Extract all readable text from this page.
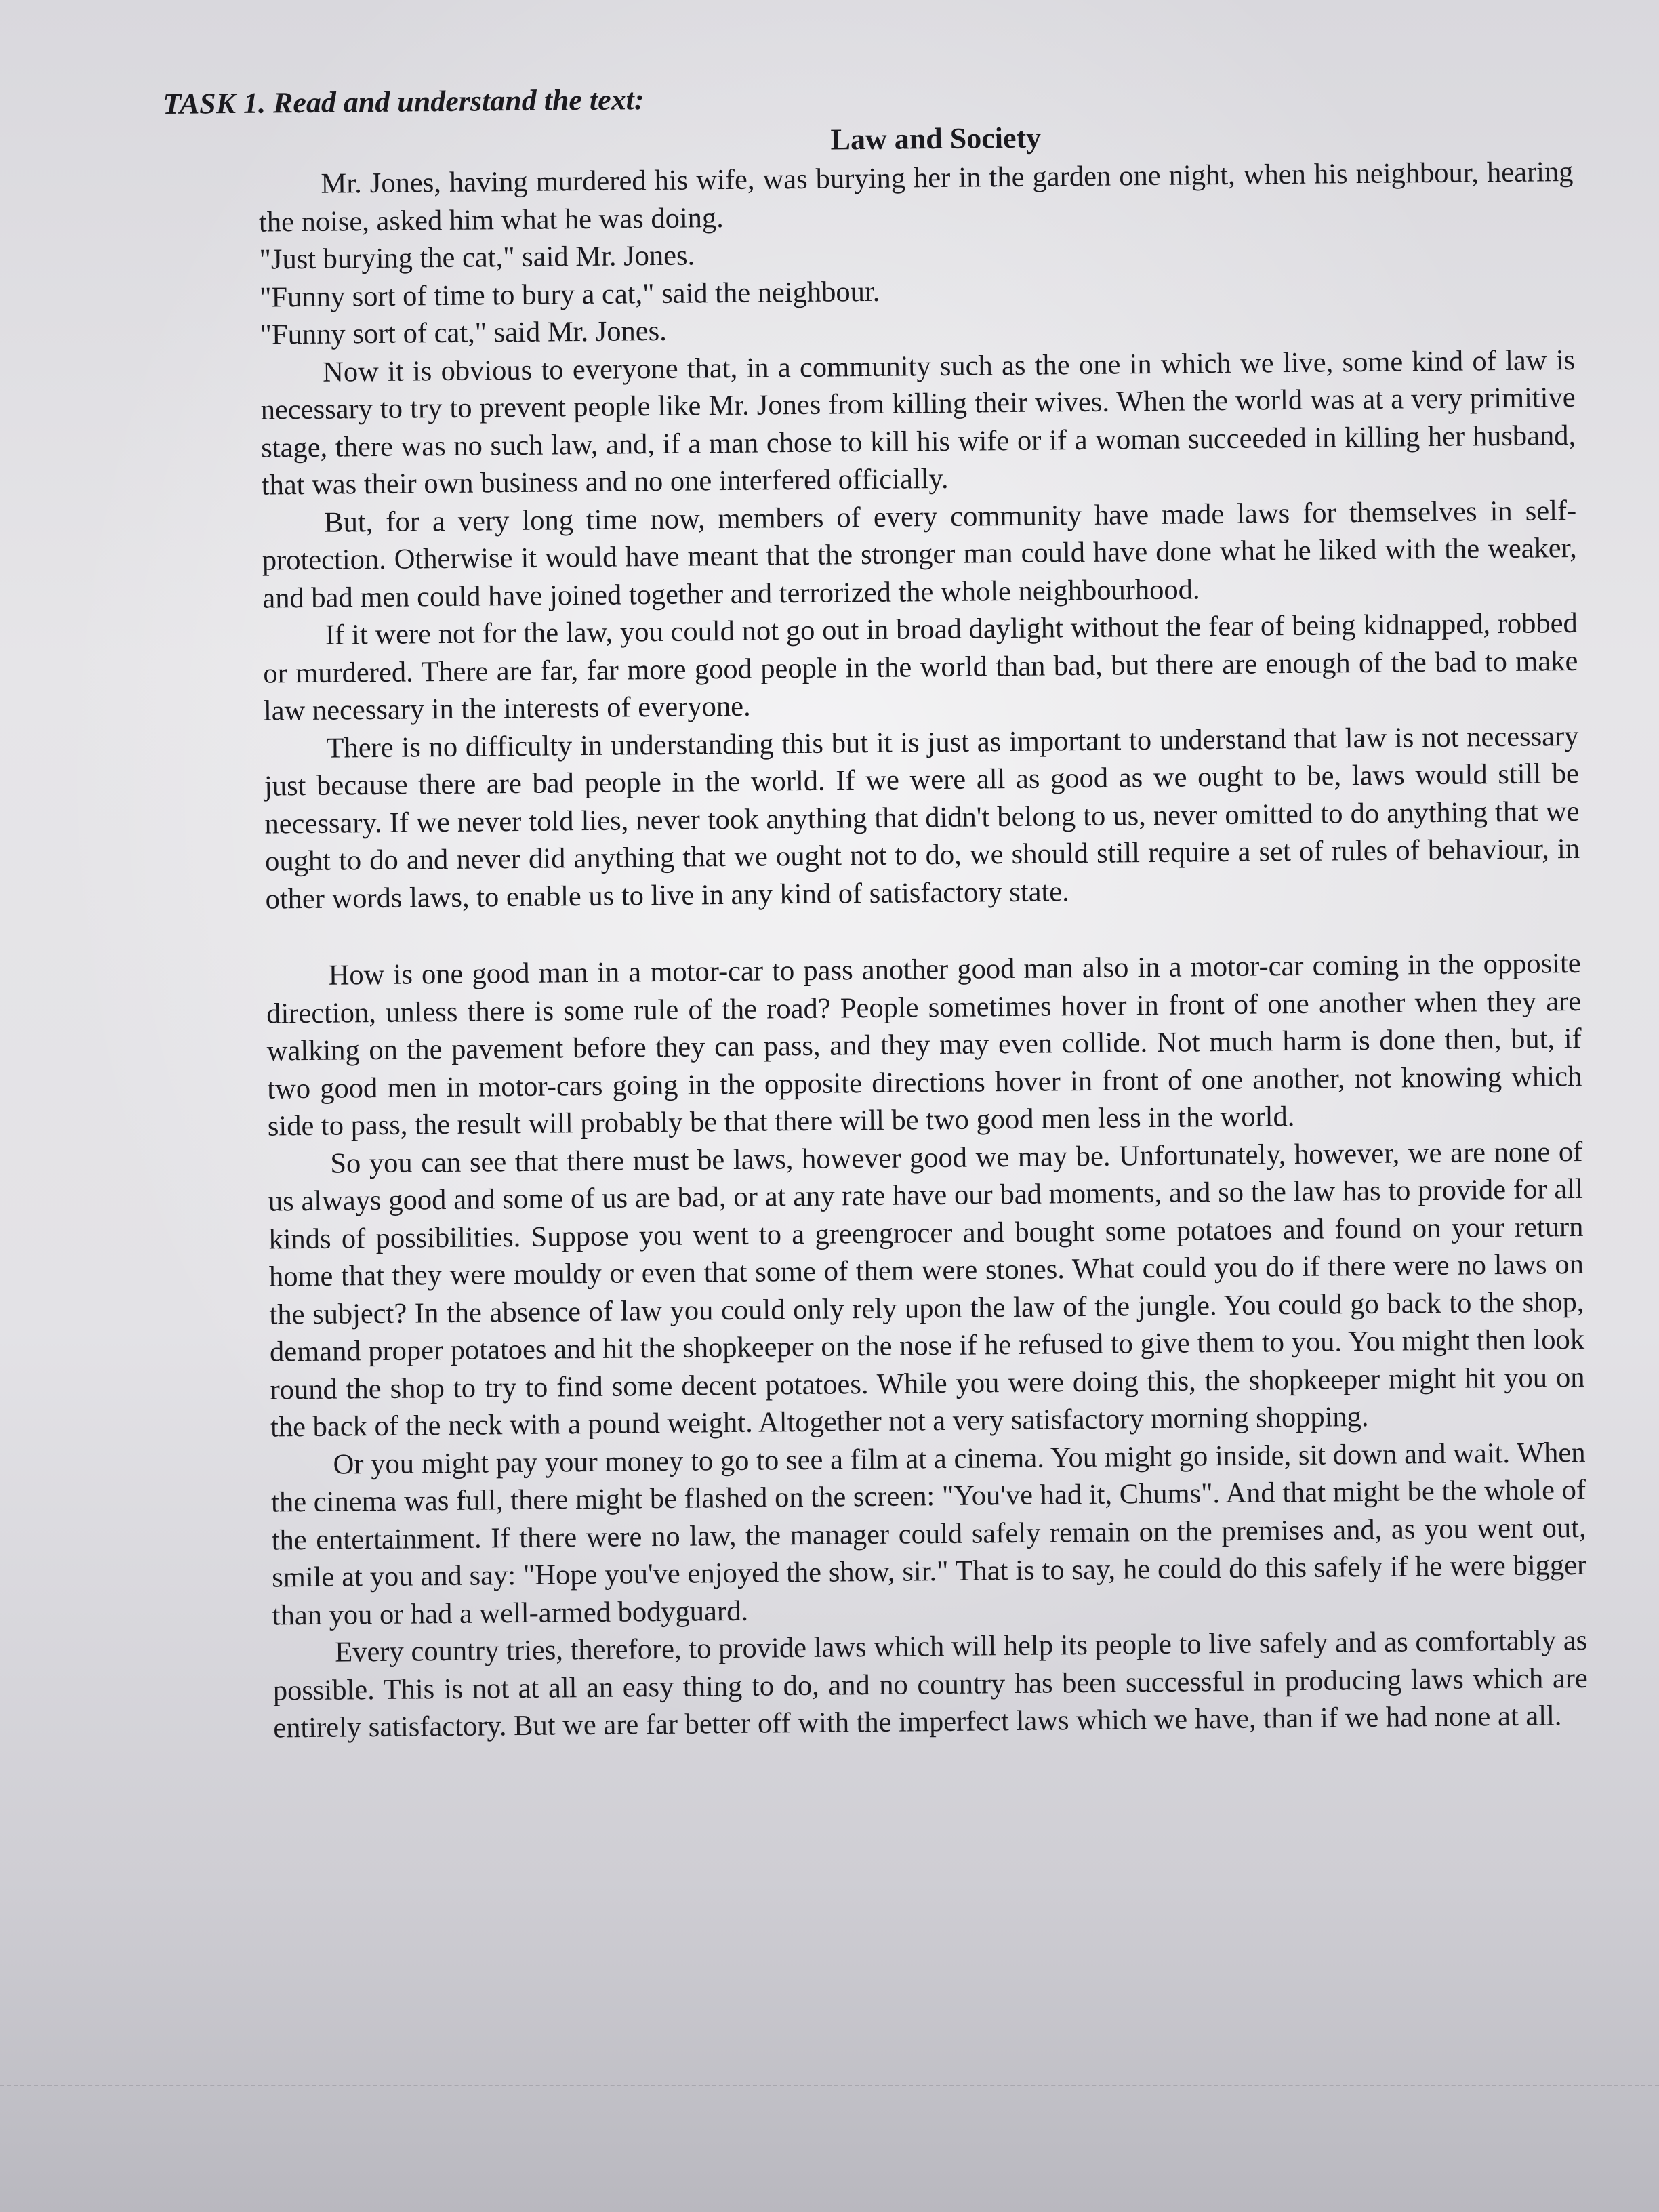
TASK 1. Read and understand the text:

Law and Society

Mr. Jones, having murdered his wife, was burying her in the garden one night, when his neighbour, hearing the noise, asked him what he was doing.

"Just burying the cat," said Mr. Jones.

"Funny sort of time to bury a cat," said the neighbour.

"Funny sort of cat," said Mr. Jones.

Now it is obvious to everyone that, in a community such as the one in which we live, some kind of law is necessary to try to prevent people like Mr. Jones from killing their wives. When the world was at a very primitive stage, there was no such law, and, if a man chose to kill his wife or if a woman succeeded in killing her husband, that was their own business and no one interfered officially.

But, for a very long time now, members of every community have made laws for themselves in self-protection. Otherwise it would have meant that the stronger man could have done what he liked with the weaker, and bad men could have joined together and terrorized the whole neighbourhood.

If it were not for the law, you could not go out in broad daylight without the fear of being kidnapped, robbed or murdered. There are far, far more good people in the world than bad, but there are enough of the bad to make law necessary in the interests of everyone.

There is no difficulty in understanding this but it is just as important to understand that law is not necessary just because there are bad people in the world. If we were all as good as we ought to be, laws would still be necessary. If we never told lies, never took anything that didn't belong to us, never omitted to do anything that we ought to do and never did anything that we ought not to do, we should still require a set of rules of behaviour, in other words laws, to enable us to live in any kind of satisfactory state.

How is one good man in a motor-car to pass another good man also in a motor-car coming in the opposite direction, unless there is some rule of the road? People sometimes hover in front of one another when they are walking on the pavement before they can pass, and they may even collide. Not much harm is done then, but, if two good men in motor-cars going in the opposite directions hover in front of one another, not knowing which side to pass, the result will probably be that there will be two good men less in the world.

So you can see that there must be laws, however good we may be. Unfortunately, however, we are none of us always good and some of us are bad, or at any rate have our bad moments, and so the law has to provide for all kinds of possibilities. Suppose you went to a greengrocer and bought some potatoes and found on your return home that they were mouldy or even that some of them were stones. What could you do if there were no laws on the subject? In the absence of law you could only rely upon the law of the jungle. You could go back to the shop, demand proper potatoes and hit the shopkeeper on the nose if he refused to give them to you. You might then look round the shop to try to find some decent potatoes. While you were doing this, the shopkeeper might hit you on the back of the neck with a pound weight. Altogether not a very satisfactory morning shopping.

Or you might pay your money to go to see a film at a cinema. You might go inside, sit down and wait. When the cinema was full, there might be flashed on the screen: "You've had it, Chums". And that might be the whole of the entertainment. If there were no law, the manager could safely remain on the premises and, as you went out, smile at you and say: "Hope you've enjoyed the show, sir." That is to say, he could do this safely if he were bigger than you or had a well-armed bodyguard.

Every country tries, therefore, to provide laws which will help its people to live safely and as comfortably as possible. This is not at all an easy thing to do, and no country has been successful in producing laws which are entirely satisfactory. But we are far better off with the imperfect laws which we have, than if we had none at all.
